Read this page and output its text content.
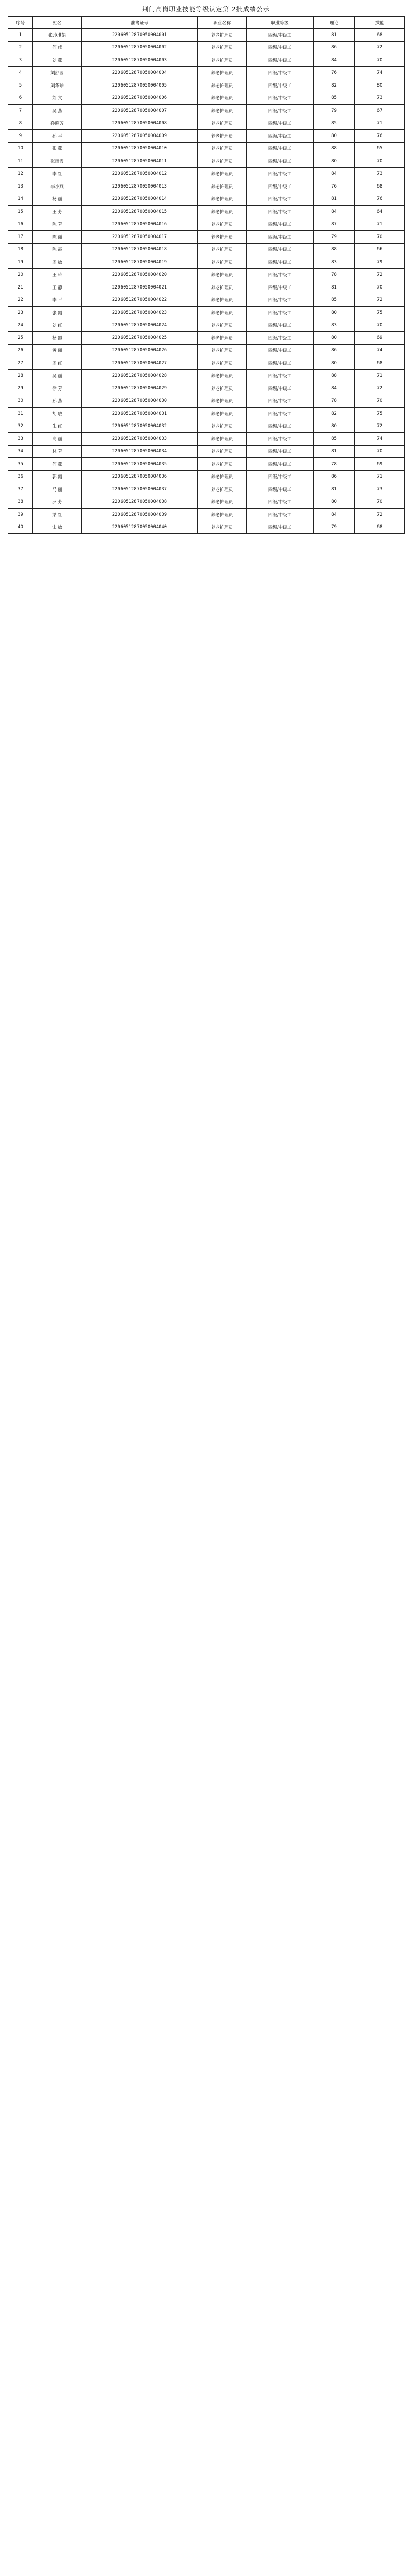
荆门高岗职业技能等级认定第 2批成绩公示
序号	姓名	准考证号	职业名称	职业等级	理论	技能
1	张玲琪娟	22060512870050004001	养老护理员	四级/中级工	81	68
2	何 咸	22060512870050004002	养老护理员	四级/中级工	86	72
3	刘 燕	22060512870050004003	养老护理员	四级/中级工	84	70
4	刘舒园	22060512870050004004	养老护理员	四级/中级工	76	74
5	刘华珍	22060512870050004005	养老护理员	四级/中级工	82	80
6	刘 文	22060512870050004006	养老护理员	四级/中级工	85	73
7	吴 燕	22060512870050004007	养老护理员	四级/中级工	79	67
8	孙晓芳	22060512870050004008	养老护理员	四级/中级工	85	71
9	孙 平	22060512870050004009	养老护理员	四级/中级工	80	76
10	张 燕	22060512870050004010	养老护理员	四级/中级工	88	65
11	张雨霞	22060512870050004011	养老护理员	四级/中级工	80	70
12	李 红	22060512870050004012	养老护理员	四级/中级工	84	73
13	李小燕	22060512870050004013	养老护理员	四级/中级工	76	68
14	杨 丽	22060512870050004014	养老护理员	四级/中级工	81	76
15	王 芳	22060512870050004015	养老护理员	四级/中级工	84	64
16	陈 芳	22060512870050004016	养老护理员	四级/中级工	87	71
17	陈 丽	22060512870050004017	养老护理员	四级/中级工	79	70
18	陈 霞	22060512870050004018	养老护理员	四级/中级工	88	66
19	周 敏	22060512870050004019	养老护理员	四级/中级工	83	79
20	王 玲	22060512870050004020	养老护理员	四级/中级工	78	72
21	王 静	22060512870050004021	养老护理员	四级/中级工	81	70
22	李 平	22060512870050004022	养老护理员	四级/中级工	85	72
23	张 霞	22060512870050004023	养老护理员	四级/中级工	80	75
24	刘 红	22060512870050004024	养老护理员	四级/中级工	83	70
25	杨 霞	22060512870050004025	养老护理员	四级/中级工	80	69
26	黄 丽	22060512870050004026	养老护理员	四级/中级工	86	74
27	周 红	22060512870050004027	养老护理员	四级/中级工	80	68
28	吴 丽	22060512870050004028	养老护理员	四级/中级工	88	71
29	徐 芳	22060512870050004029	养老护理员	四级/中级工	84	72
30	孙 燕	22060512870050004030	养老护理员	四级/中级工	78	70
31	胡 敏	22060512870050004031	养老护理员	四级/中级工	82	75
32	朱 红	22060512870050004032	养老护理员	四级/中级工	80	72
33	高 丽	22060512870050004033	养老护理员	四级/中级工	85	74
34	林 芳	22060512870050004034	养老护理员	四级/中级工	81	70
35	何 燕	22060512870050004035	养老护理员	四级/中级工	78	69
36	郭 霞	22060512870050004036	养老护理员	四级/中级工	86	71
37	马 丽	22060512870050004037	养老护理员	四级/中级工	81	73
38	罗 芳	22060512870050004038	养老护理员	四级/中级工	80	70
39	梁 红	22060512870050004039	养老护理员	四级/中级工	84	72
40	宋 敏	22060512870050004040	养老护理员	四级/中级工	79	68
